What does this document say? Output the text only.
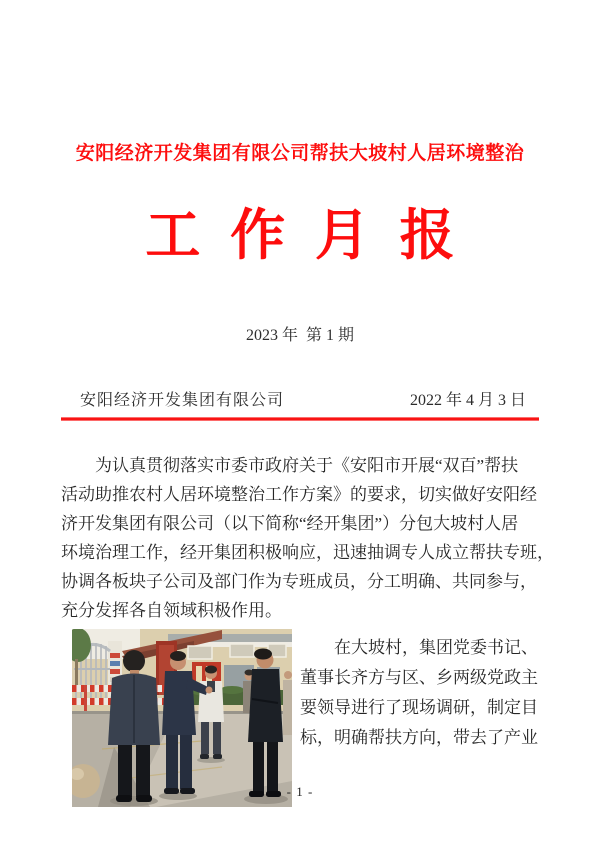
安阳经济开发集团有限公司帮扶大坡村人居环境整治
工 作 月 报
2023 年  第 1 期
安阳经济开发集团有限公司	2022 年 4 月 3 日
为认真贯彻落实市委市政府关于《安阳市开展“双百”帮扶
活动助推农村人居环境整治工作方案》的要求，切实做好安阳经
济开发集团有限公司（以下简称“经开集团”）分包大坡村人居
环境治理工作，经开集团积极响应，迅速抽调专人成立帮扶专班，
协调各板块子公司及部门作为专班成员，分工明确、共同参与，
充分发挥各自领域积极作用。
在大坡村，集团党委书记、
董事长齐方与区、乡两级党政主
要领导进行了现场调研，制定目
标，明确帮扶方向，带去了产业
- 1 -
